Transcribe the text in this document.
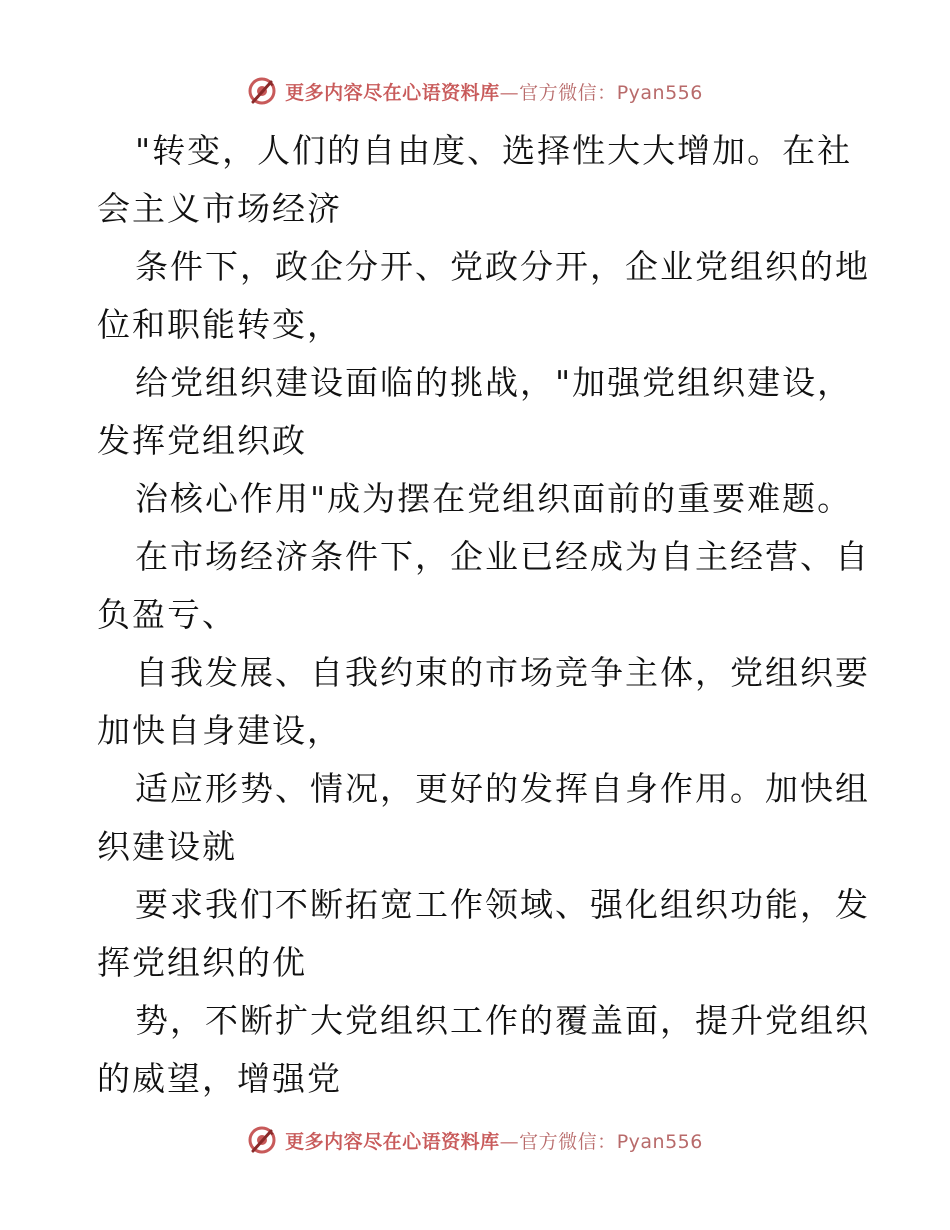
更多内容尽在心语资料库—官方微信：Pyan556
"转变，人们的自由度、选择性大大增加。在社
会主义市场经济
条件下，政企分开、党政分开，企业党组织的地
位和职能转变，
给党组织建设面临的挑战，"加强党组织建设，
发挥党组织政
治核心作用"成为摆在党组织面前的重要难题。
在市场经济条件下，企业已经成为自主经营、自
负盈亏、
自我发展、自我约束的市场竞争主体，党组织要
加快自身建设，
适应形势、情况，更好的发挥自身作用。加快组
织建设就
要求我们不断拓宽工作领域、强化组织功能，发
挥党组织的优
势，不断扩大党组织工作的覆盖面，提升党组织
的威望，增强党
更多内容尽在心语资料库—官方微信：Pyan556
